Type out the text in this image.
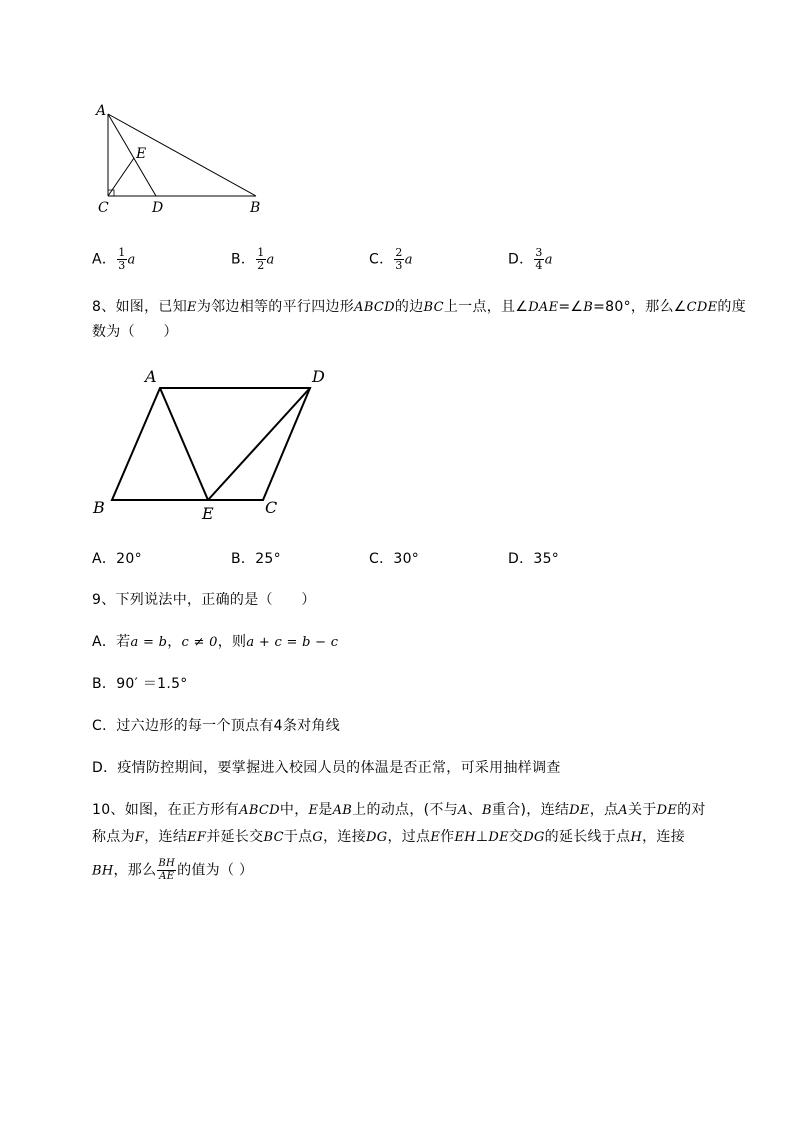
A
E
C	D	B
A． $\frac{1}{3}$ a	B． $\frac{1}{2}$ a	C． $\frac{2}{3}$ a	D． $\frac{3}{4}$ a
8、如图，已知E为邻边相等的平行四边形ABCD的边BC上一点，且∠DAE=∠B=80°，那么∠CDE的度
数为（　　）
A	D
B	E	C
A．20°	B．25°	C．30°	D．35°
9、下列说法中，正确的是（　　）
A．若a = b，c ≠ 0，则a + c = b − c
B．90′ ＝1.5°
C．过六边形的每一个顶点有4条对角线
D．疫情防控期间，要掌握进入校园人员的体温是否正常，可采用抽样调查
10、如图，在正方形有ABCD中，E是AB上的动点，(不与A、B重合)，连结DE，点A关于DE的对
称点为F，连结EF并延长交BC于点G，连接DG，过点E作EH⊥DE交DG的延长线于点H，连接
BH，那么 $\frac{BH}{AE}$ 的值为（ ）
